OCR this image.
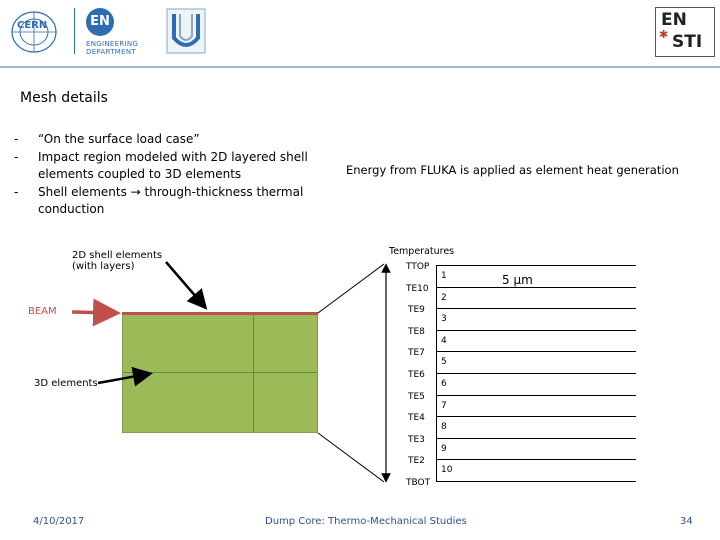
CERN	EN
ENGINEERING
DEPARTMENT
EN
✱ STI
Mesh details
-	“On the surface load case”
-	Impact region modeled with 2D layered shell elements coupled to 3D elements
-	Shell elements → through-thickness thermal conduction
Energy from FLUKA is applied as element heat generation
2D shell elements
(with layers)
BEAM
3D elements
Temperatures
TTOP
TE10
TE9
TE8
TE7
TE6
TE5
TE4
TE3
TE2
TBOT
1
2
3
4
5
6
7
8
9
10
5 μm
4/10/2017	Dump Core: Thermo-Mechanical Studies	34
